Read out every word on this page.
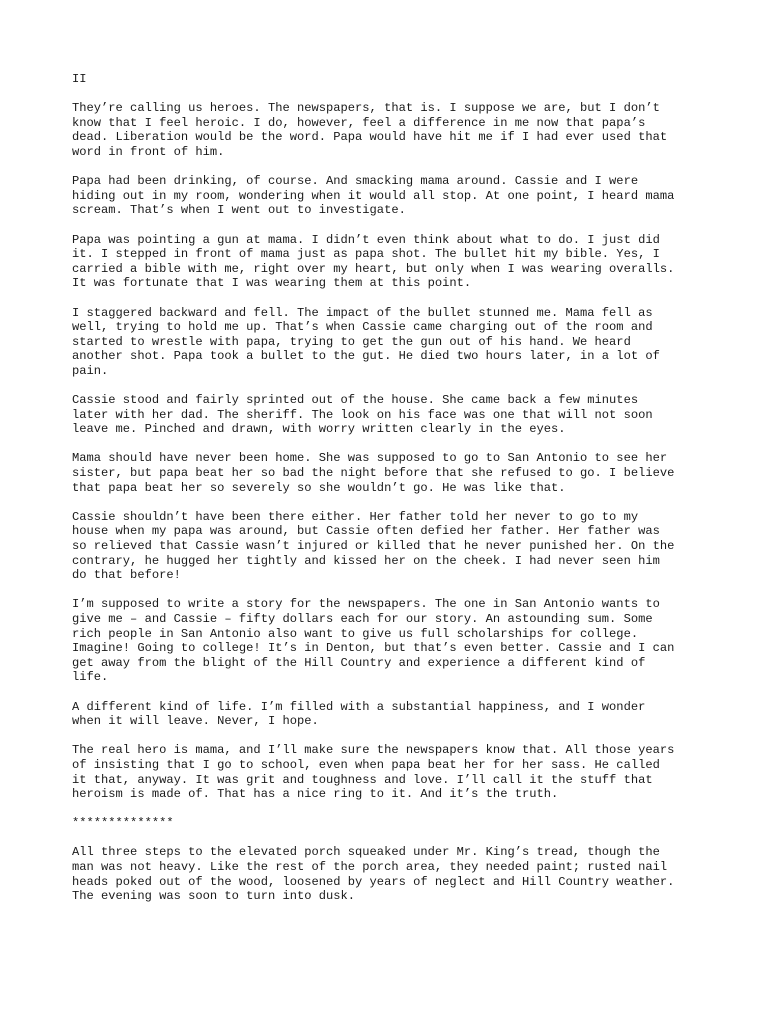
II
They’re calling us heroes. The newspapers, that is. I suppose we are, but I don’t
know that I feel heroic. I do, however, feel a difference in me now that papa’s
dead. Liberation would be the word. Papa would have hit me if I had ever used that
word in front of him.
Papa had been drinking, of course. And smacking mama around. Cassie and I were
hiding out in my room, wondering when it would all stop. At one point, I heard mama
scream. That’s when I went out to investigate.
Papa was pointing a gun at mama. I didn’t even think about what to do. I just did
it. I stepped in front of mama just as papa shot. The bullet hit my bible. Yes, I
carried a bible with me, right over my heart, but only when I was wearing overalls.
It was fortunate that I was wearing them at this point.
I staggered backward and fell. The impact of the bullet stunned me. Mama fell as
well, trying to hold me up. That’s when Cassie came charging out of the room and
started to wrestle with papa, trying to get the gun out of his hand. We heard
another shot. Papa took a bullet to the gut. He died two hours later, in a lot of
pain.
Cassie stood and fairly sprinted out of the house. She came back a few minutes
later with her dad. The sheriff. The look on his face was one that will not soon
leave me. Pinched and drawn, with worry written clearly in the eyes.
Mama should have never been home. She was supposed to go to San Antonio to see her
sister, but papa beat her so bad the night before that she refused to go. I believe
that papa beat her so severely so she wouldn’t go. He was like that.
Cassie shouldn’t have been there either. Her father told her never to go to my
house when my papa was around, but Cassie often defied her father. Her father was
so relieved that Cassie wasn’t injured or killed that he never punished her. On the
contrary, he hugged her tightly and kissed her on the cheek. I had never seen him
do that before!
I’m supposed to write a story for the newspapers. The one in San Antonio wants to
give me – and Cassie – fifty dollars each for our story. An astounding sum. Some
rich people in San Antonio also want to give us full scholarships for college.
Imagine! Going to college! It’s in Denton, but that’s even better. Cassie and I can
get away from the blight of the Hill Country and experience a different kind of
life.
A different kind of life. I’m filled with a substantial happiness, and I wonder
when it will leave. Never, I hope.
The real hero is mama, and I’ll make sure the newspapers know that. All those years
of insisting that I go to school, even when papa beat her for her sass. He called
it that, anyway. It was grit and toughness and love. I’ll call it the stuff that
heroism is made of. That has a nice ring to it. And it’s the truth.
**************
All three steps to the elevated porch squeaked under Mr. King’s tread, though the
man was not heavy. Like the rest of the porch area, they needed paint; rusted nail
heads poked out of the wood, loosened by years of neglect and Hill Country weather.
The evening was soon to turn into dusk.
